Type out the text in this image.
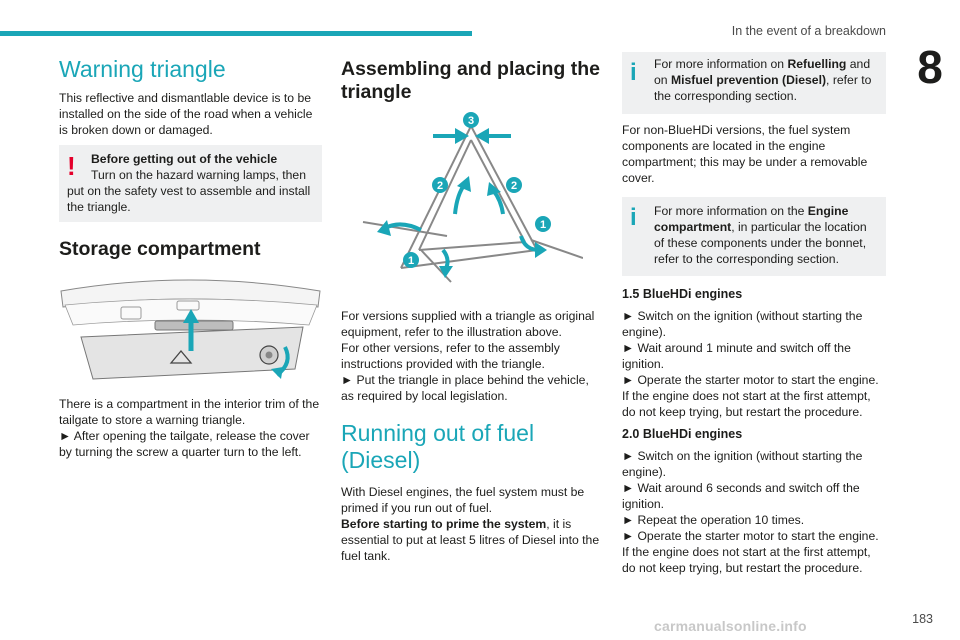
In the event of a breakdown
8
Warning triangle

This reflective and dismantlable device is to be installed on the side of the road when a vehicle is broken down or damaged.

!	Before getting out of the vehicle

Turn on the hazard warning lamps, then

put on the safety vest to assemble and install the triangle.

Storage compartment

There is a compartment in the interior trim of the tailgate to store a warning triangle.

► After opening the tailgate, release the cover by turning the screw a quarter turn to the left.

Assembling and placing the triangle
3
2	2
1
1

For versions supplied with a triangle as original equipment, refer to the illustration above.

For other versions, refer to the assembly instructions provided with the triangle.

► Put the triangle in place behind the vehicle, as required by local legislation.

Running out of fuel (Diesel)

With Diesel engines, the fuel system must be primed if you run out of fuel.

Before starting to prime the system, it is essential to put at least 5 litres of Diesel into the fuel tank.

i	For more information on Refuelling and on Misfuel prevention (Diesel), refer to the corresponding section.

For non-BlueHDi versions, the fuel system components are located in the engine compartment; this may be under a removable cover.

i	For more information on the Engine compartment, in particular the location of these components under the bonnet, refer to the corresponding section.

1.5 BlueHDi engines

► Switch on the ignition (without starting the engine).

► Wait around 1 minute and switch off the ignition.

► Operate the starter motor to start the engine.

If the engine does not start at the first attempt, do not keep trying, but restart the procedure.

2.0 BlueHDi engines

► Switch on the ignition (without starting the engine).

► Wait around 6 seconds and switch off the ignition.

► Repeat the operation 10 times.

► Operate the starter motor to start the engine.

If the engine does not start at the first attempt, do not keep trying, but restart the procedure.

carmanualsonline.info	183
